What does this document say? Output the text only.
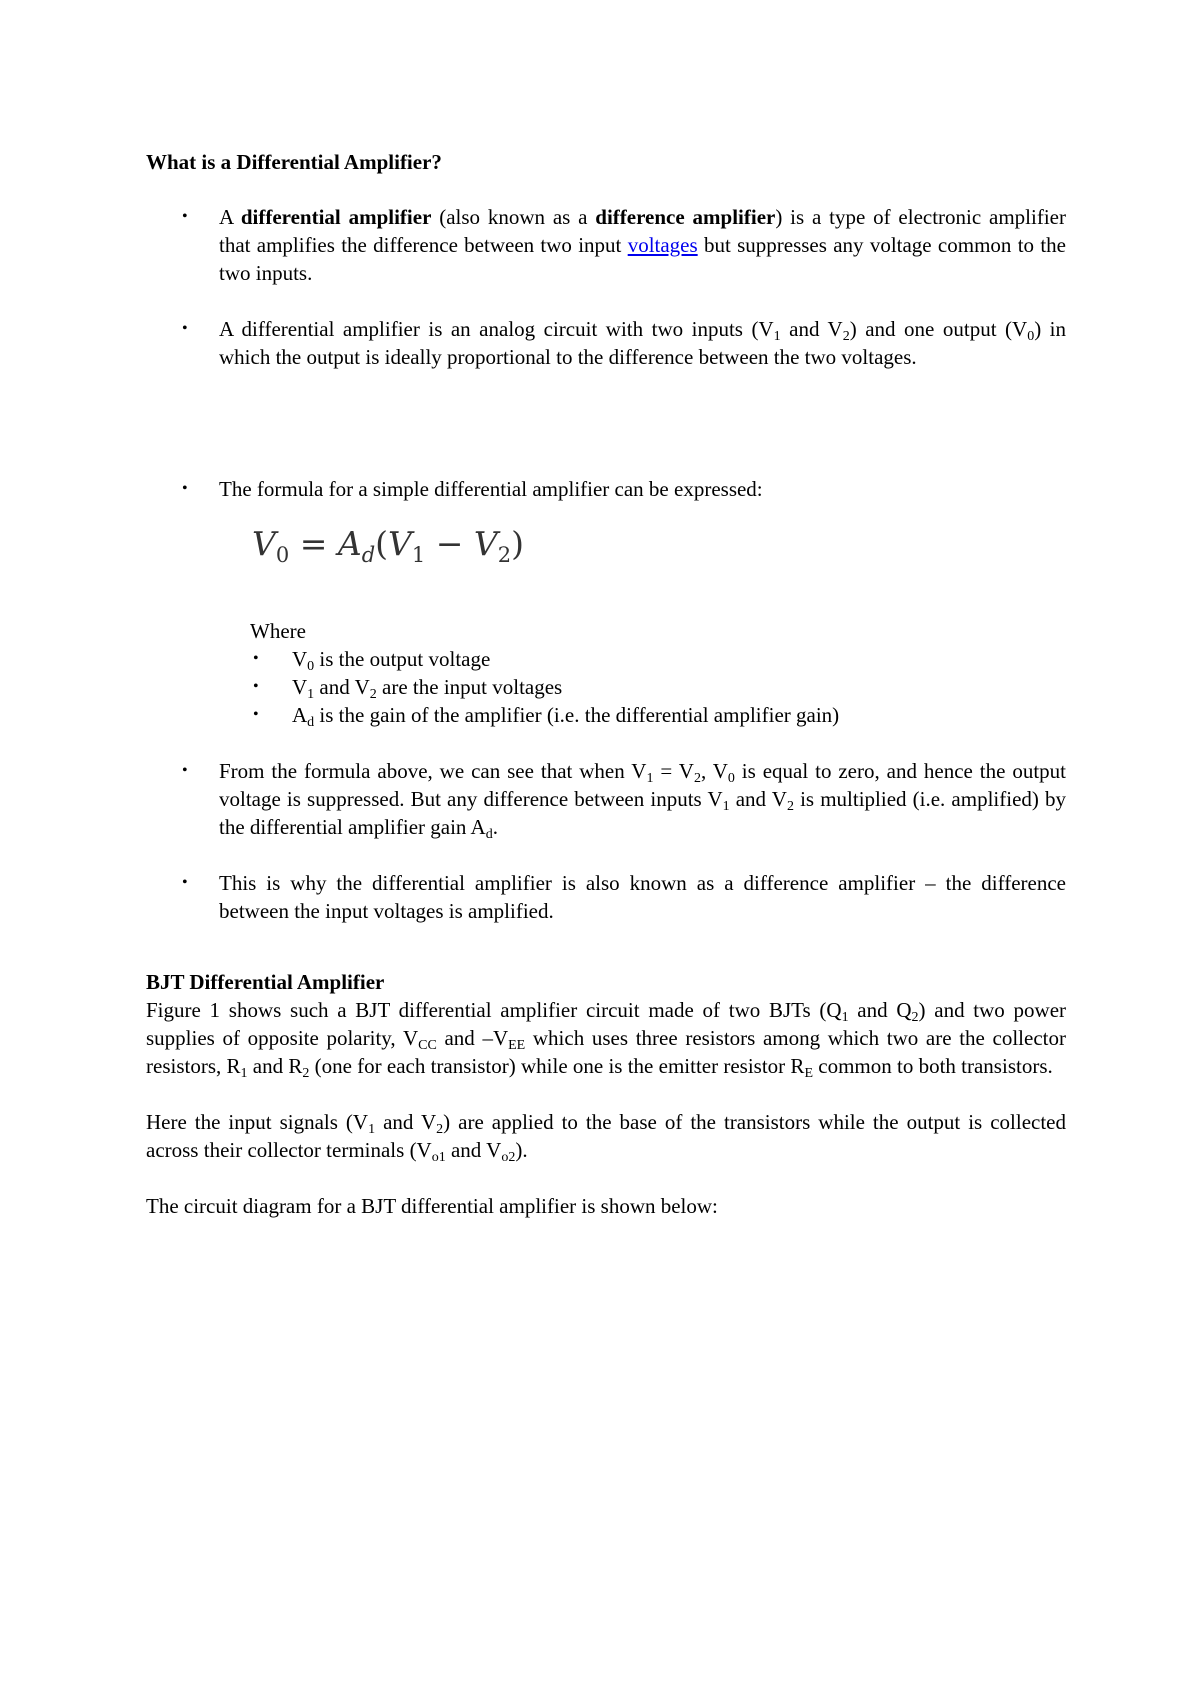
What is a Differential Amplifier?
• A differential amplifier (also known as a difference amplifier) is a type of electronic amplifier that amplifies the difference between two input voltages but suppresses any voltage common to the two inputs.
• A differential amplifier is an analog circuit with two inputs ($V_1$ and $V_2$) and one output $(V_0)$ in which the output is ideally proportional to the difference between the two voltages.
• The formula for a simple differential amplifier can be expressed:
$V_0 = A_d(V_1 - V_2)$
Where
• $V_0$ is the output voltage
• $V_1$ and $V_2$ are the input voltages
• $A_d$ is the gain of the amplifier (i.e. the differential amplifier gain)
• From the formula above, we can see that when $V_1 = V_2$, $V_0$ is equal to zero, and hence the output voltage is suppressed. But any difference between inputs $V_1$ and $V_2$ is multiplied (i.e. amplified) by the differential amplifier gain $A_d$.
• This is why the differential amplifier is also known as a difference amplifier – the difference between the input voltages is amplified.
BJT Differential Amplifier
Figure 1 shows such a BJT differential amplifier circuit made of two BJTs ($Q_1$ and $Q_2$) and two power supplies of opposite polarity, $V_{CC}$ and $-V_{EE}$ which uses three resistors among which two are the collector resistors, $R_1$ and $R_2$ (one for each transistor) while one is the emitter resistor $R_E$ common to both transistors.
Here the input signals ($V_1$ and $V_2$) are applied to the base of the transistors while the output is collected across their collector terminals ($V_{o1}$ and $V_{o2}$).
The circuit diagram for a BJT differential amplifier is shown below:
